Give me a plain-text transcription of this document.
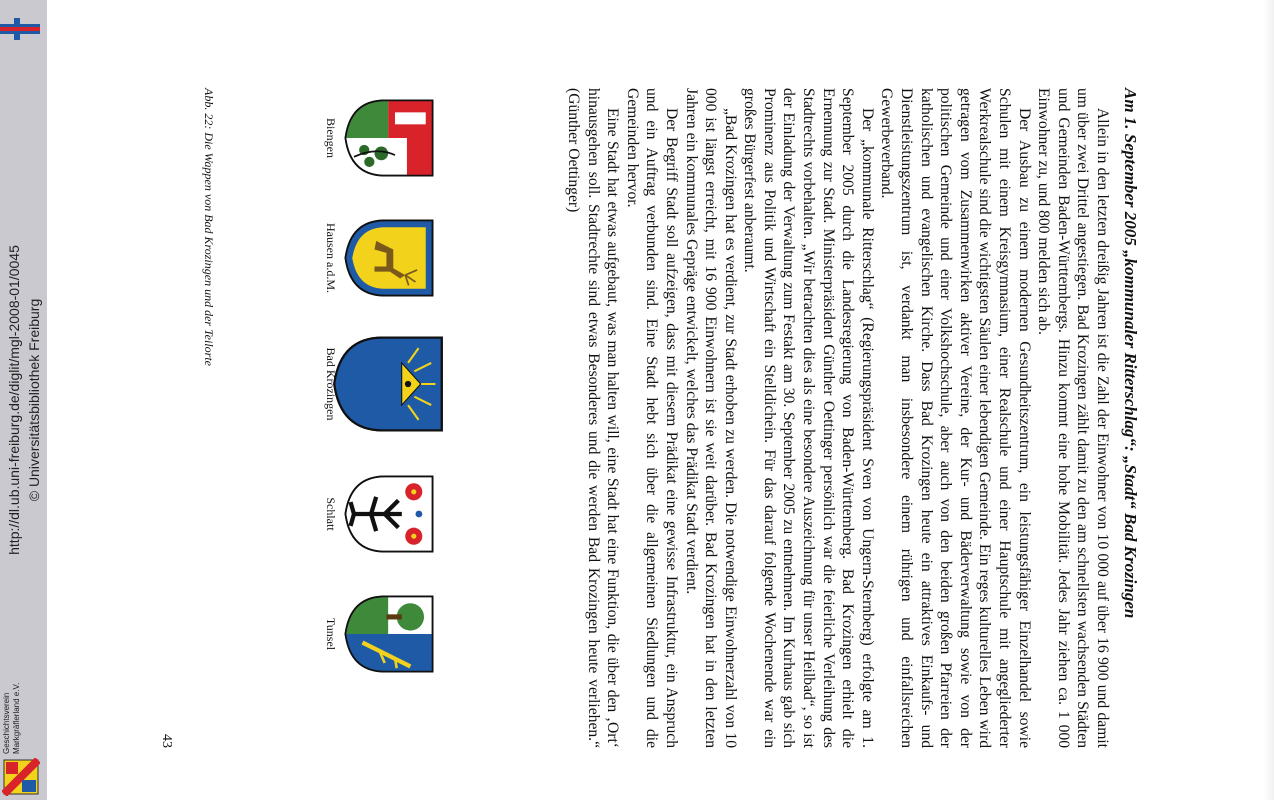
Geschichtsverein Markgräflerland e.V.
http://dl.ub.uni-freiburg.de/diglit/mgl-2008-01/0045 © Universitätsbibliothek Freiburg	Am 1. September 2005 „kommunaler Ritterschlag“: „Stadt“ Bad Krozingen

Allein in den letzten dreißig Jahren ist die Zahl der Einwohner von 10 000 auf über 16 900 und damit um über zwei Drittel angestiegen. Bad Krozingen zählt damit zu den am schnellsten wachsenden Städten und Gemeinden Baden-Württembergs. Hinzu kommt eine hohe Mobilität. Jedes Jahr ziehen ca. 1 000 Einwohner zu, und 800 melden sich ab.

Der Ausbau zu einem modernen Gesundheitszentrum, ein leistungsfähiger Einzelhandel sowie Schulen mit einem Kreisgymnasium, einer Realschule und einer Hauptschule mit angegliederter Werkrealschule sind die wichtigsten Säulen einer lebendigen Gemeinde. Ein reges kulturelles Leben wird getragen vom Zusammenwirken aktiver Vereine, der Kur- und Bäderverwaltung sowie von der politischen Gemeinde und einer Volkshochschule, aber auch von den beiden großen Pfarreien der katholischen und evangelischen Kirche. Dass Bad Krozingen heute ein attraktives Einkaufs- und Dienstleistungszentrum ist, verdankt man insbesondere einem rührigen und einfallsreichen Gewerbeverband.

Der „kommunale Ritterschlag“ (Regierungspräsident Sven von Ungern-Sternberg) erfolgte am 1. September 2005 durch die Landesregierung von Baden-Württemberg. Bad Krozingen erhielt die Ernennung zur Stadt. Ministerpräsident Günther Oettinger persönlich war die feierliche Verleihung des Stadtrechts vorbehalten. „Wir betrachten dies als eine besondere Auszeichnung für unser Heilbad“, so ist der Einladung der Verwaltung zum Festakt am 30. September 2005 zu entnehmen. Im Kurhaus gab sich Prominenz aus Politik und Wirtschaft ein Stelldichein. Für das darauf folgende Wochenende war ein großes Bürgerfest anberaumt.

„Bad Krozingen hat es verdient, zur Stadt erhoben zu werden. Die notwendige Einwohnerzahl von 10 000 ist längst erreicht, mit 16 900 Einwohnern ist sie weit darüber. Bad Krozingen hat in den letzten Jahren ein kommunales Gepräge entwickelt, welches das Prädikat Stadt verdient.

Der Begriff Stadt soll aufzeigen, dass mit diesem Prädikat eine gewisse Infrastruktur, ein Anspruch und ein Auftrag verbunden sind. Eine Stadt hebt sich über die allgemeinen Siedlungen und die Gemeinden hervor.

Eine Stadt hat etwas aufgebaut, was man halten will, eine Stadt hat eine Funktion, die über den ‚Ort‘ hinausgehen soll. Stadtrechte sind etwas Besonderes und die werden Bad Krozingen heute verliehen.“ (Günther Oettinger)

Biengen
Hausen a.d.M.
Bad Krozingen
Schlatt
Tunsel
Abb. 22: Die Wappen von Bad Krozingen und der Teilorte
43
